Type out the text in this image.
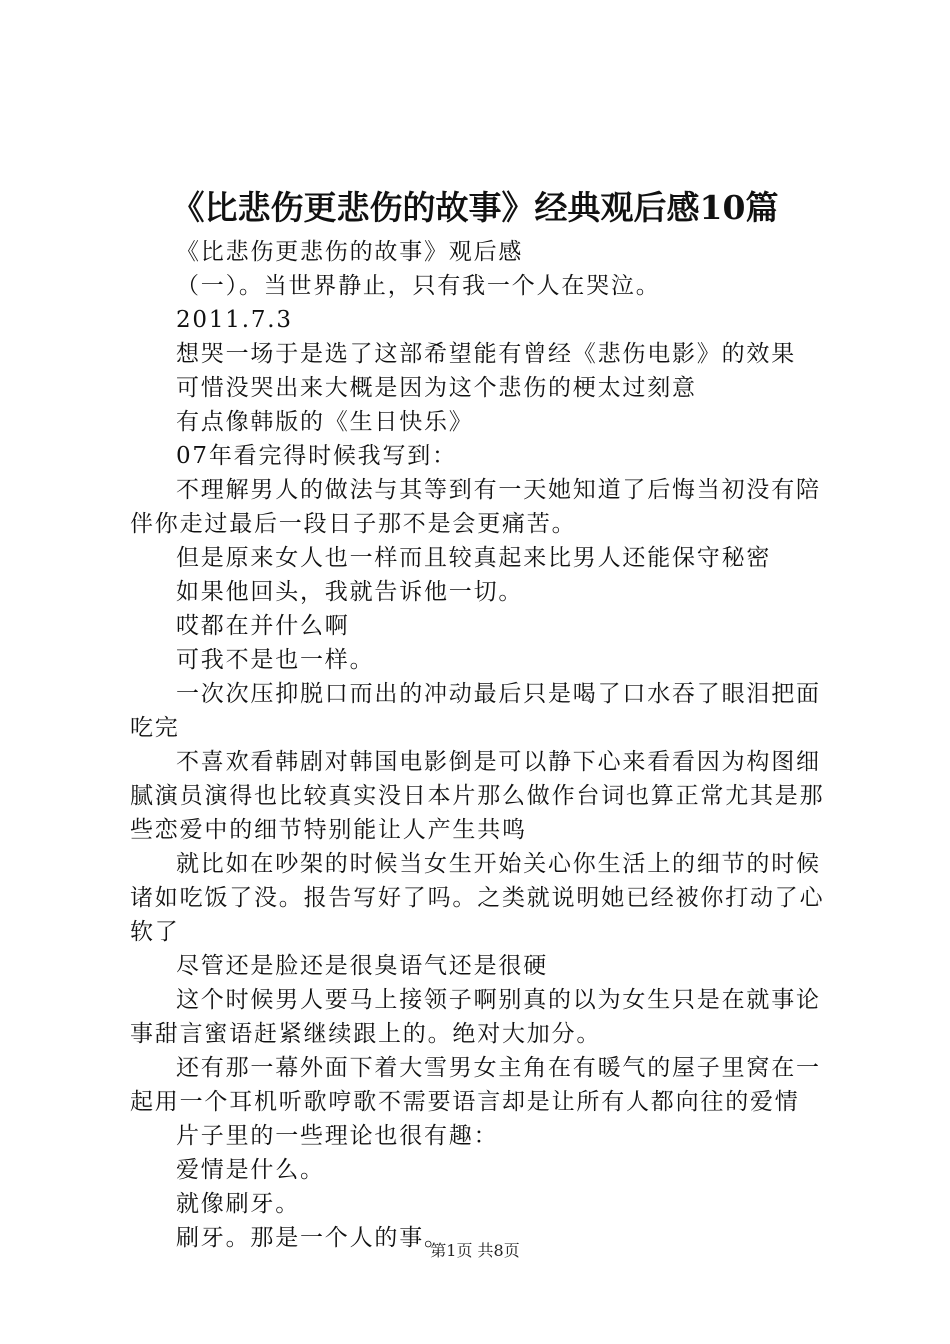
《比悲伤更悲伤的故事》经典观后感10篇

《比悲伤更悲伤的故事》观后感

（一）。当世界静止，只有我一个人在哭泣。

2011.7.3

想哭一场于是选了这部希望能有曾经《悲伤电影》的效果

可惜没哭出来大概是因为这个悲伤的梗太过刻意

有点像韩版的《生日快乐》

07年看完得时候我写到：

不理解男人的做法与其等到有一天她知道了后悔当初没有陪伴你走过最后一段日子那不是会更痛苦。

但是原来女人也一样而且较真起来比男人还能保守秘密

如果他回头，我就告诉他一切。

哎都在并什么啊

可我不是也一样。

一次次压抑脱口而出的冲动最后只是喝了口水吞了眼泪把面吃完

不喜欢看韩剧对韩国电影倒是可以静下心来看看因为构图细腻演员演得也比较真实没日本片那么做作台词也算正常尤其是那些恋爱中的细节特别能让人产生共鸣

就比如在吵架的时候当女生开始关心你生活上的细节的时候诸如吃饭了没。报告写好了吗。之类就说明她已经被你打动了心软了

尽管还是脸还是很臭语气还是很硬

这个时候男人要马上接领子啊别真的以为女生只是在就事论事甜言蜜语赶紧继续跟上的。绝对大加分。

还有那一幕外面下着大雪男女主角在有暖气的屋子里窝在一起用一个耳机听歌哼歌不需要语言却是让所有人都向往的爱情

片子里的一些理论也很有趣：

爱情是什么。

就像刷牙。

刷牙。那是一个人的事。

第1页 共8页
